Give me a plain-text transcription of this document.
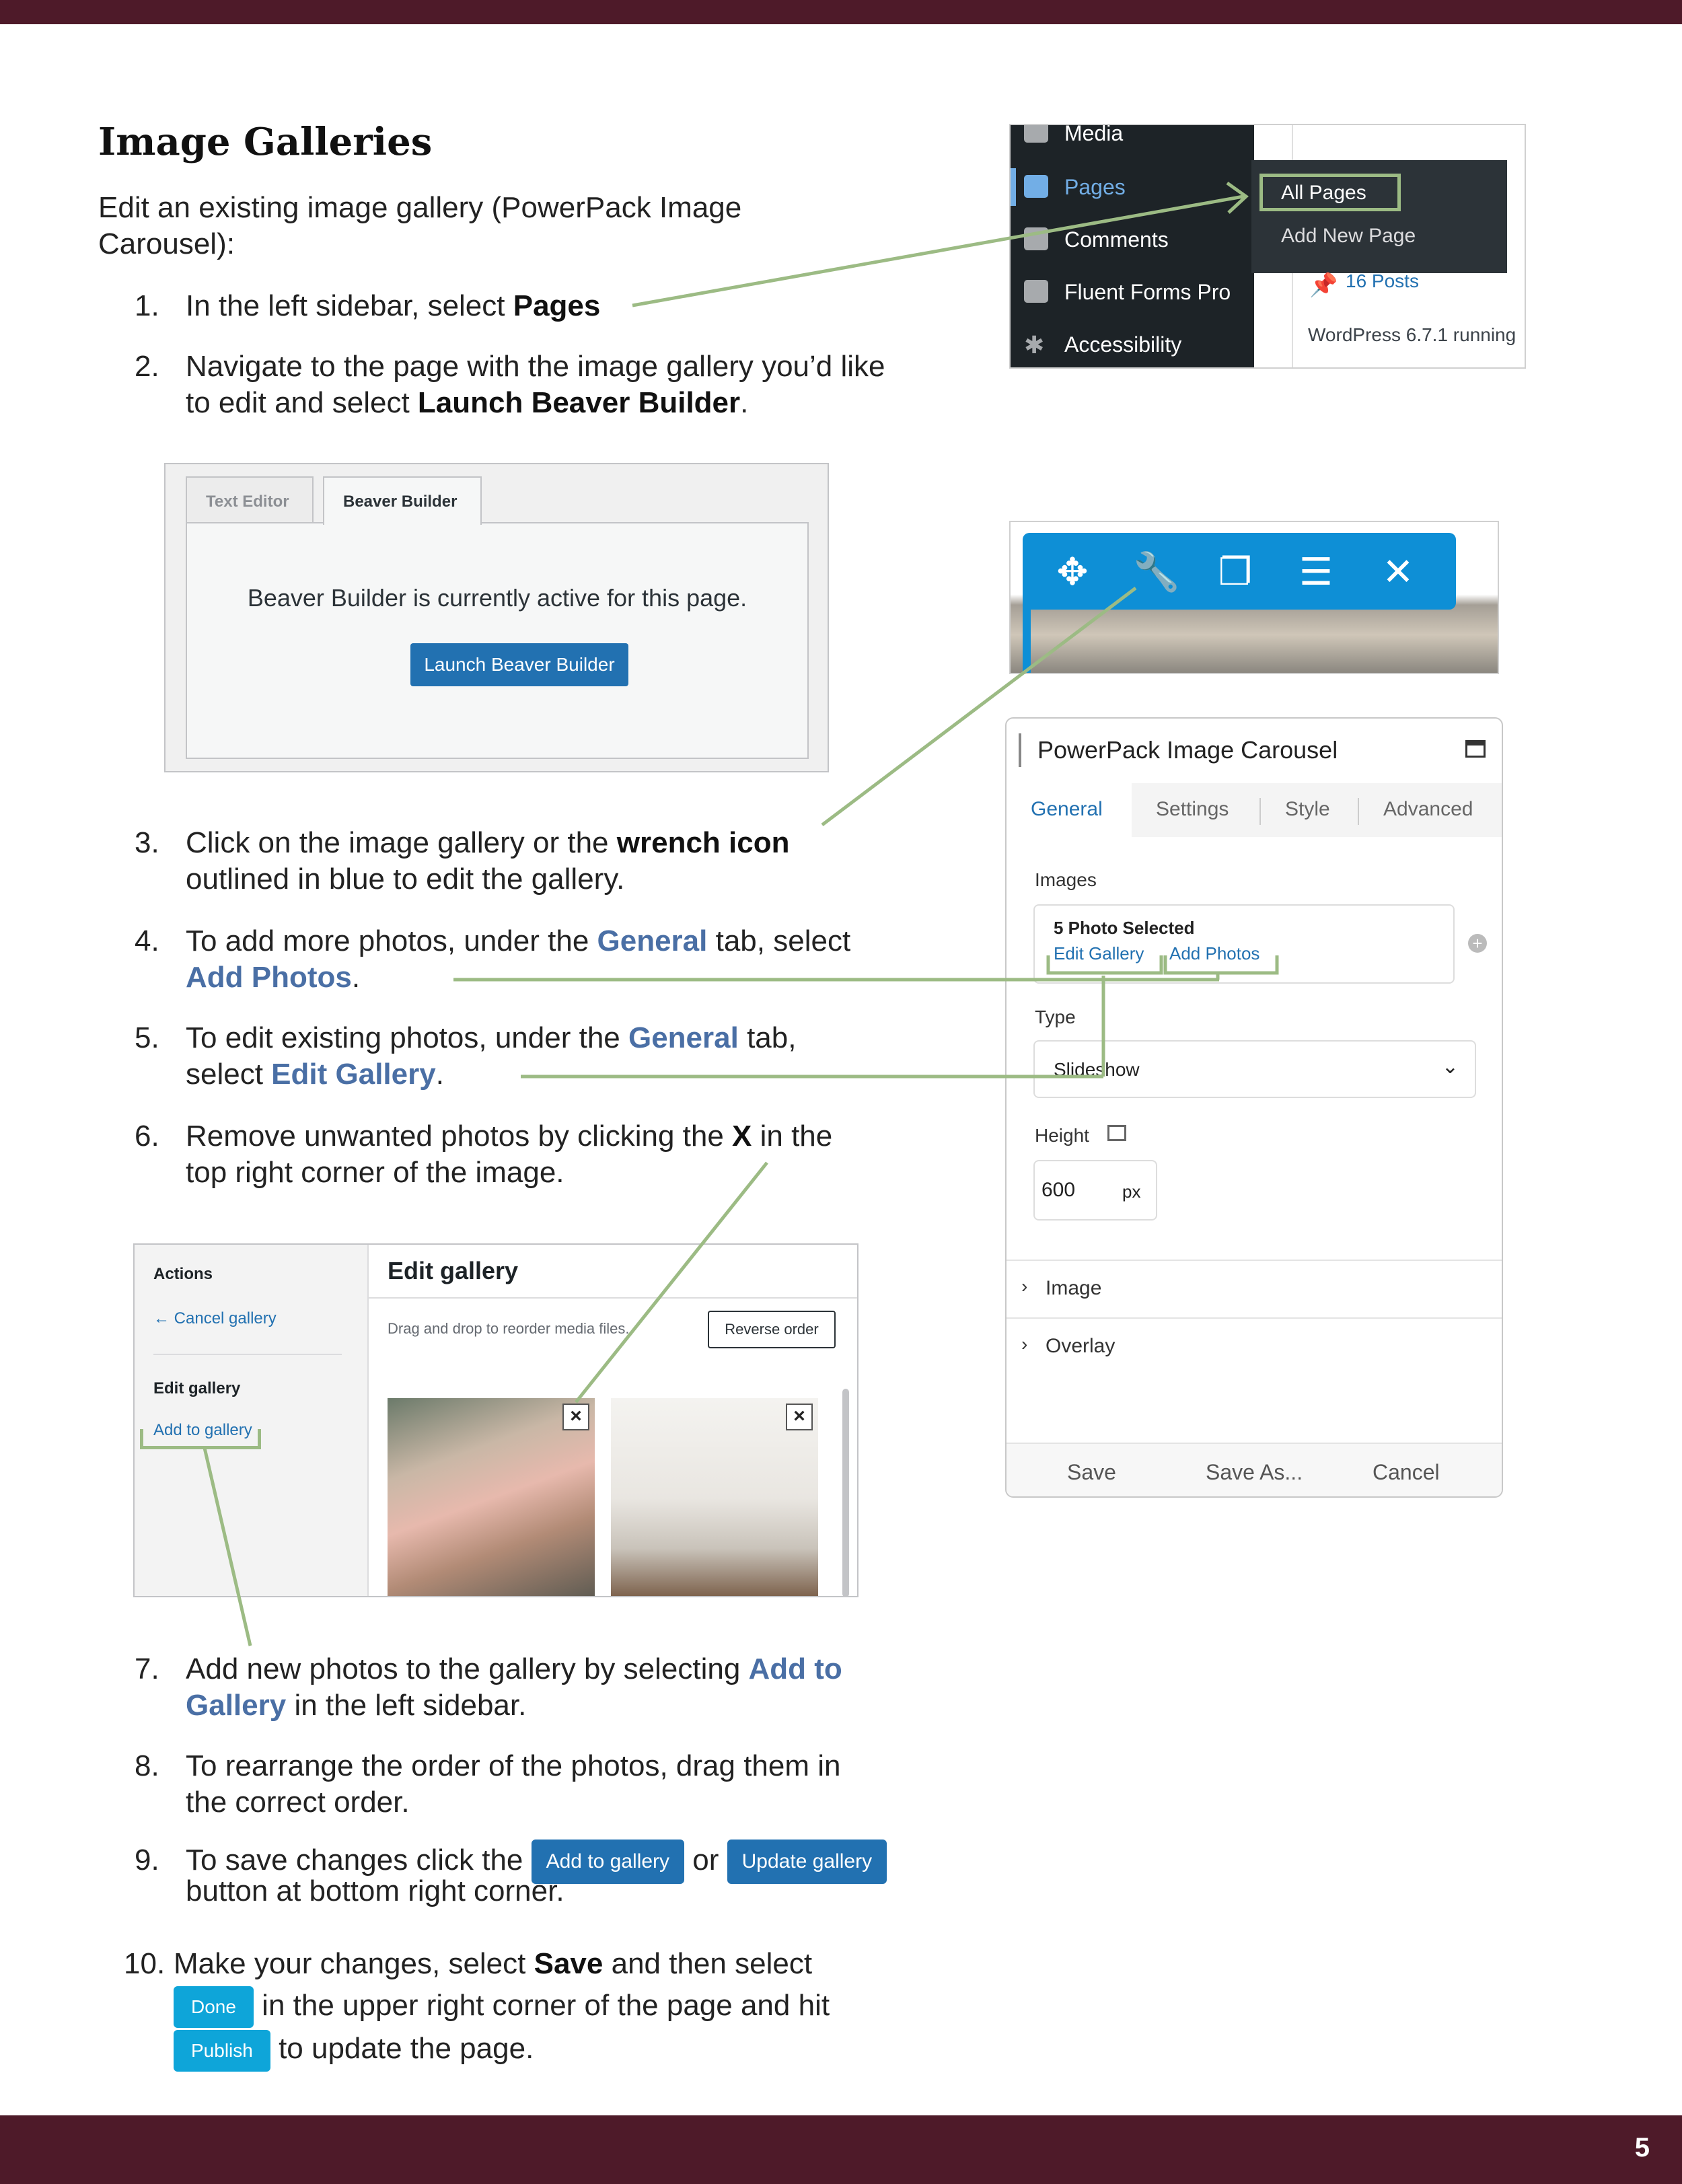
Image Galleries
Edit an existing image gallery (PowerPack Image Carousel):
1. In the left sidebar, select Pages
2. Navigate to the page with the image gallery you’d like to edit and select Launch Beaver Builder.
3. Click on the image gallery or the wrench icon outlined in blue to edit the gallery.
4. To add more photos, under the General tab, select Add Photos.
5. To edit existing photos, under the General tab, select Edit Gallery.
6. Remove unwanted photos by clicking the X in the top right corner of the image.
7. Add new photos to the gallery by selecting Add to Gallery in the left sidebar.
8. To rearrange the order of the photos, drag them in the correct order.
9. To save changes click the Add to gallery or Update gallery
button at bottom right corner.
10. Make your changes, select Save and then select Done in the upper right corner of the page and hit Publish to update the page.
Media
Pages
Comments
Fluent Forms Pro
✱ Accessibility
All Pages
Add New Page
📌 16 Posts
WordPress 6.7.1 running
Text Editor	Beaver Builder
Beaver Builder is currently active for this page.
Launch Beaver Builder
✥ 🔧 ❐ ☰ ✕
PowerPack Image Carousel
General	Settings	Style	Advanced
Images
5 Photo Selected
Edit Gallery Add Photos	+
Type
Slideshow	⌄
Height
600	px
› Image
› Overlay
Save	Save As...	Cancel
Actions
← Cancel gallery
Edit gallery
Add to gallery
Edit gallery
Drag and drop to reorder media files.	Reverse order
×	×
5
